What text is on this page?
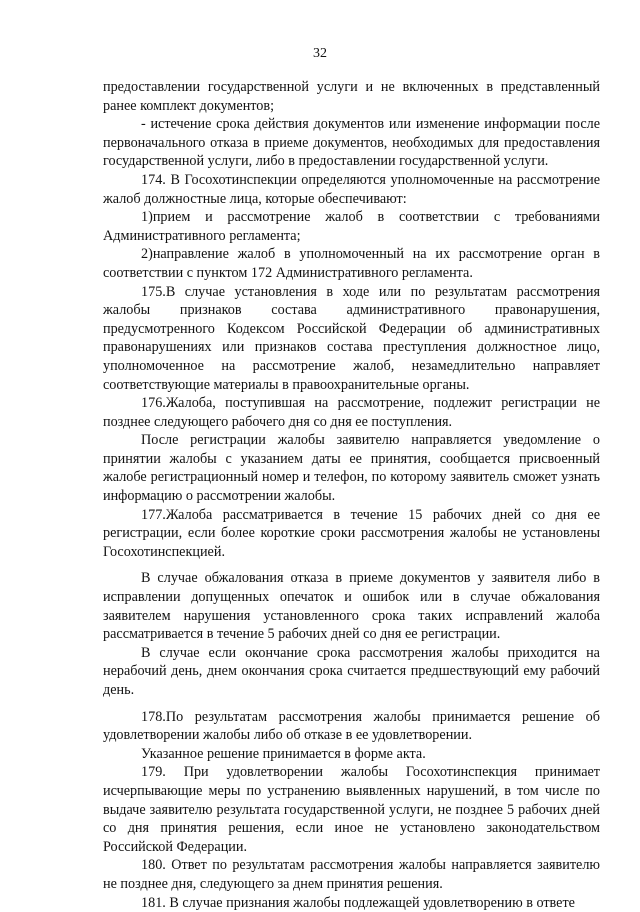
32

предоставлении государственной услуги и не включенных в представленный ранее комплект документов;

- истечение срока действия документов или изменение информации после первоначального отказа в приеме документов, необходимых для предоставления государственной услуги, либо в предоставлении государственной услуги.

174. В Госохотинспекции определяются уполномоченные на рассмотрение жалоб должностные лица, которые обеспечивают:

1)прием и рассмотрение жалоб в соответствии с требованиями Административного регламента;

2)направление жалоб в уполномоченный на их рассмотрение орган в соответствии с пунктом 172 Административного регламента.

175.В случае установления в ходе или по результатам рассмотрения жалобы признаков состава административного правонарушения, предусмотренного Кодексом Российской Федерации об административных правонарушениях или признаков состава преступления должностное лицо, уполномоченное на рассмотрение жалоб, незамедлительно направляет соответствующие материалы в правоохранительные органы.

176.Жалоба, поступившая на рассмотрение, подлежит регистрации не позднее следующего рабочего дня со дня ее поступления.

После регистрации жалобы заявителю направляется уведомление о принятии жалобы с указанием даты ее принятия, сообщается присвоенный жалобе регистрационный номер и телефон, по которому заявитель сможет узнать информацию о рассмотрении жалобы.

177.Жалоба рассматривается в течение 15 рабочих дней со дня ее регистрации, если более короткие сроки рассмотрения жалобы не установлены Госохотинспекцией.

В случае обжалования отказа в приеме документов у заявителя либо в исправлении допущенных опечаток и ошибок или в случае обжалования заявителем нарушения установленного срока таких исправлений жалоба рассматривается в течение 5 рабочих дней со дня ее регистрации.

В случае если окончание срока рассмотрения жалобы приходится на нерабочий день, днем окончания срока считается предшествующий ему рабочий день.

178.По результатам рассмотрения жалобы принимается решение об удовлетворении жалобы либо об отказе в ее удовлетворении.

Указанное решение принимается в форме акта.

179. При удовлетворении жалобы Госохотинспекция принимает исчерпывающие меры по устранению выявленных нарушений, в том числе по выдаче заявителю результата государственной услуги, не позднее 5 рабочих дней со дня принятия решения, если иное не установлено законодательством Российской Федерации.

180. Ответ по результатам рассмотрения жалобы направляется заявителю не позднее дня, следующего за днем принятия решения.

181. В случае признания жалобы подлежащей удовлетворению в ответе
